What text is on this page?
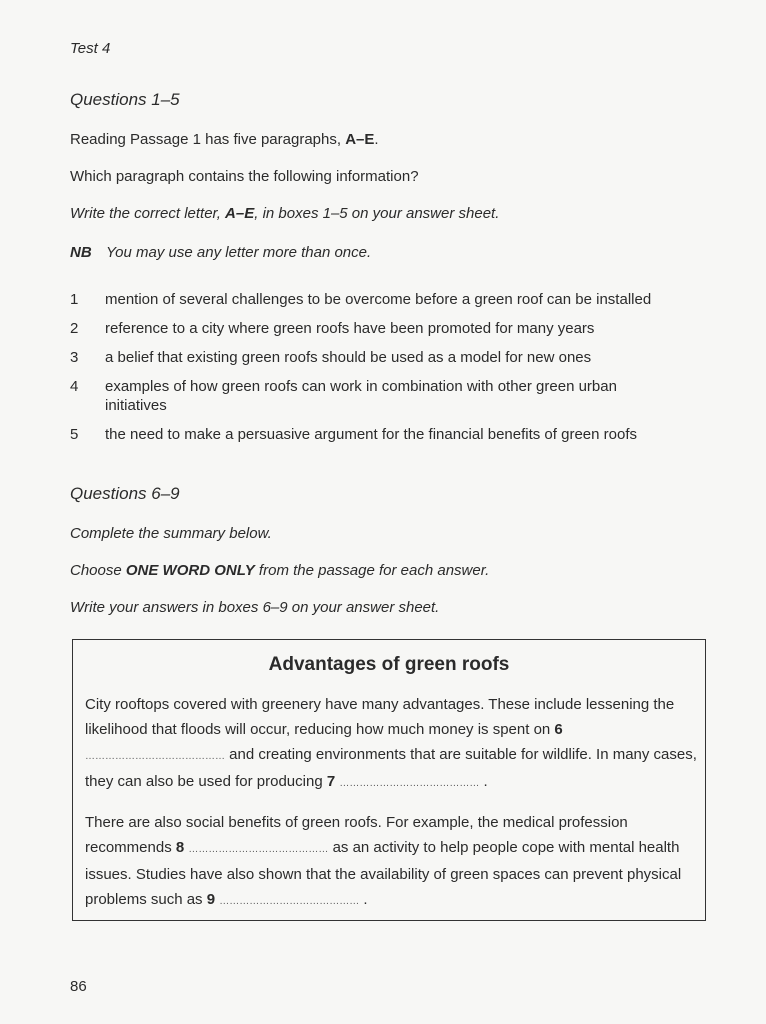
Test 4
Questions 1–5
Reading Passage 1 has five paragraphs, A–E.
Which paragraph contains the following information?
Write the correct letter, A–E, in boxes 1–5 on your answer sheet.
NB You may use any letter more than once.
1	mention of several challenges to be overcome before a green roof can be installed
2	reference to a city where green roofs have been promoted for many years
3	a belief that existing green roofs should be used as a model for new ones
4	examples of how green roofs can work in combination with other green urban initiatives
5	the need to make a persuasive argument for the financial benefits of green roofs
Questions 6–9
Complete the summary below.
Choose ONE WORD ONLY from the passage for each answer.
Write your answers in boxes 6–9 on your answer sheet.
Advantages of green roofs
City rooftops covered with greenery have many advantages. These include lessening the likelihood that floods will occur, reducing how much money is spent on 6 …………………………………… and creating environments that are suitable for wildlife. In many cases, they can also be used for producing 7 …………………………………… .
There are also social benefits of green roofs. For example, the medical profession recommends 8 …………………………………… as an activity to help people cope with mental health issues. Studies have also shown that the availability of green spaces can prevent physical problems such as 9 …………………………………… .
86
